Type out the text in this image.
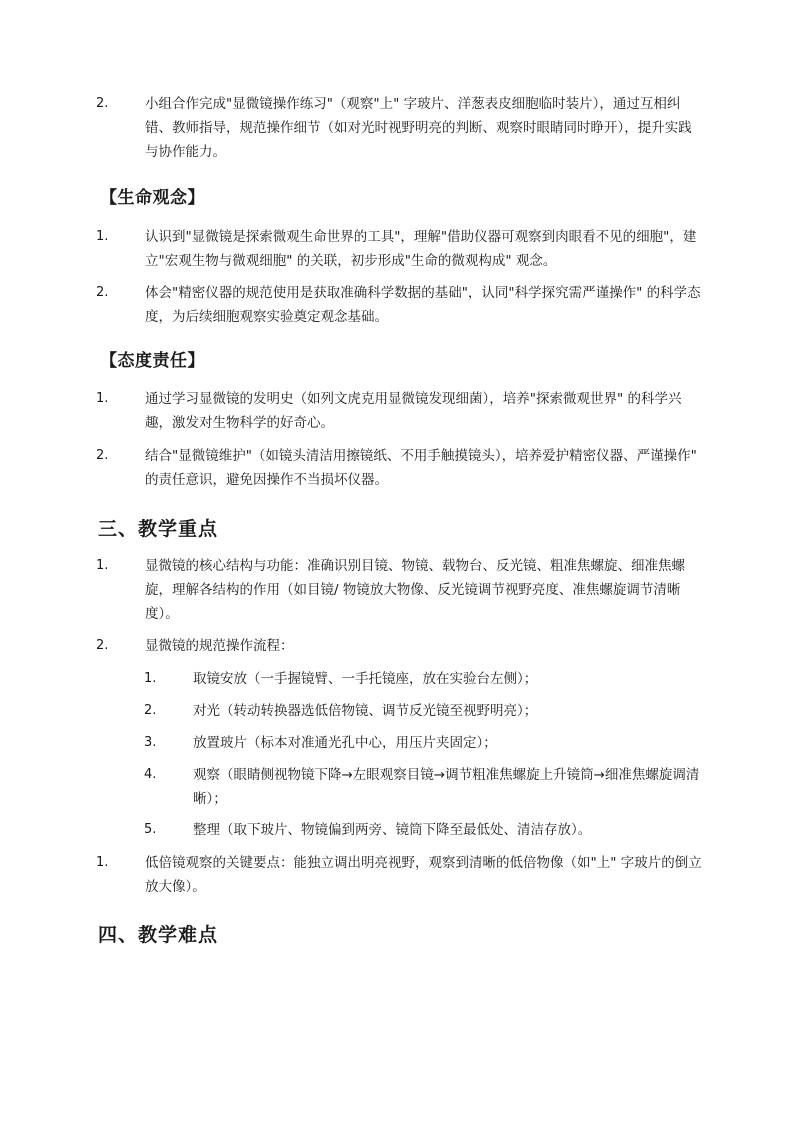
2.	小组合作完成"显微镜操作练习"（观察"上" 字玻片、洋葱表皮细胞临时装片），通过互相纠错、教师指导，规范操作细节（如对光时视野明亮的判断、观察时眼睛同时睁开），提升实践与协作能力。
【生命观念】
1.	认识到"显微镜是探索微观生命世界的工具"，理解"借助仪器可观察到肉眼看不见的细胞"，建立"宏观生物与微观细胞" 的关联，初步形成"生命的微观构成" 观念。
2.	体会"精密仪器的规范使用是获取准确科学数据的基础"，认同"科学探究需严谨操作" 的科学态度，为后续细胞观察实验奠定观念基础。
【态度责任】
1.	通过学习显微镜的发明史（如列文虎克用显微镜发现细菌），培养"探索微观世界" 的科学兴趣，激发对生物科学的好奇心。
2.	结合"显微镜维护"（如镜头清洁用擦镜纸、不用手触摸镜头），培养爱护精密仪器、严谨操作" 的责任意识，避免因操作不当损坏仪器。
三、教学重点
1.	显微镜的核心结构与功能：准确识别目镜、物镜、载物台、反光镜、粗准焦螺旋、细准焦螺旋，理解各结构的作用（如目镜/ 物镜放大物像、反光镜调节视野亮度、准焦螺旋调节清晰度）。
2.	显微镜的规范操作流程：
1.	取镜安放（一手握镜臂、一手托镜座，放在实验台左侧）；
2.	对光（转动转换器选低倍物镜、调节反光镜至视野明亮）；
3.	放置玻片（标本对准通光孔中心，用压片夹固定）；
4.	观察（眼睛侧视物镜下降→左眼观察目镜→调节粗准焦螺旋上升镜筒→细准焦螺旋调清晰）；
5.	整理（取下玻片、物镜偏到两旁、镜筒下降至最低处、清洁存放）。
1.	低倍镜观察的关键要点：能独立调出明亮视野，观察到清晰的低倍物像（如"上" 字玻片的倒立放大像）。
四、教学难点
